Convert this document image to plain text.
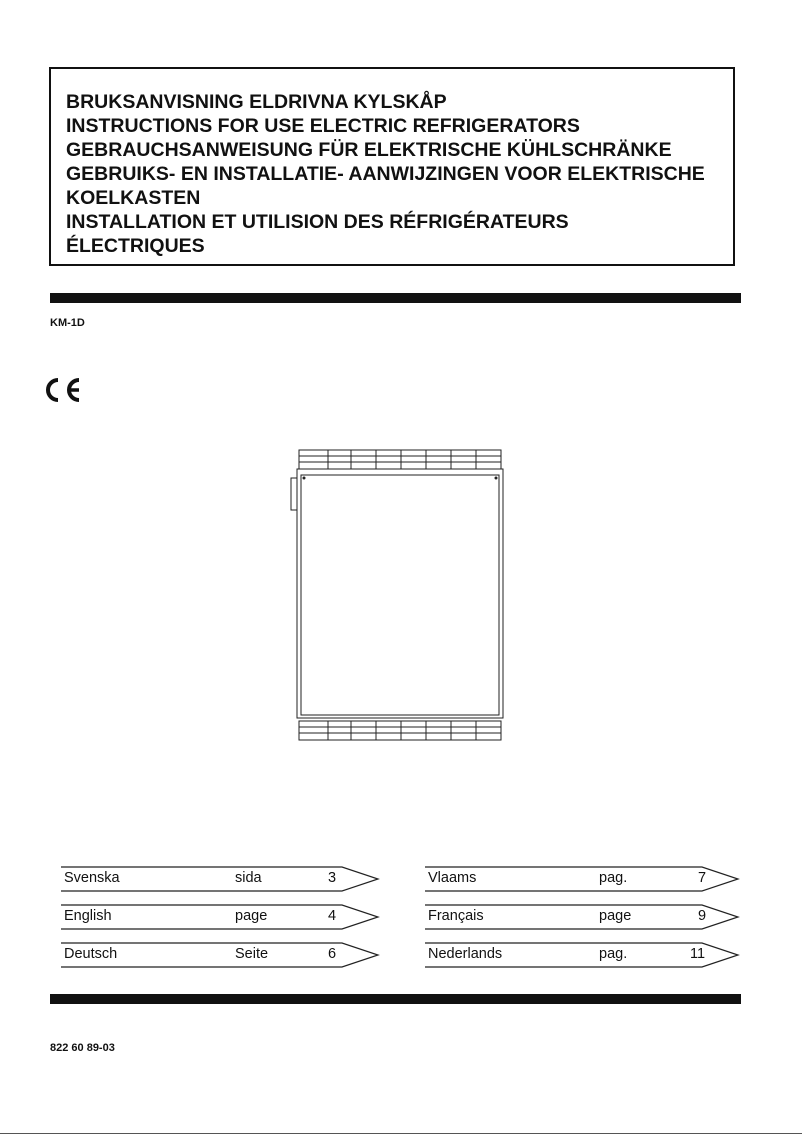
BRUKSANVISNING ELDRIVNA KYLSKÅP
INSTRUCTIONS FOR USE ELECTRIC REFRIGERATORS
GEBRAUCHSANWEISUNG FÜR ELEKTRISCHE KÜHLSCHRÄNKE
GEBRUIKS- EN INSTALLATIE- AANWIJZINGEN VOOR ELEKTRISCHE
KOELKASTEN
INSTALLATION ET UTILISION DES RÉFRIGÉRATEURS
ÉLECTRIQUES
KM-1D
Svenska	sida	3
English	page	4
Deutsch	Seite	6
Vlaams	pag.	7
Français	page	9
Nederlands	pag.	11
822 60 89-03
